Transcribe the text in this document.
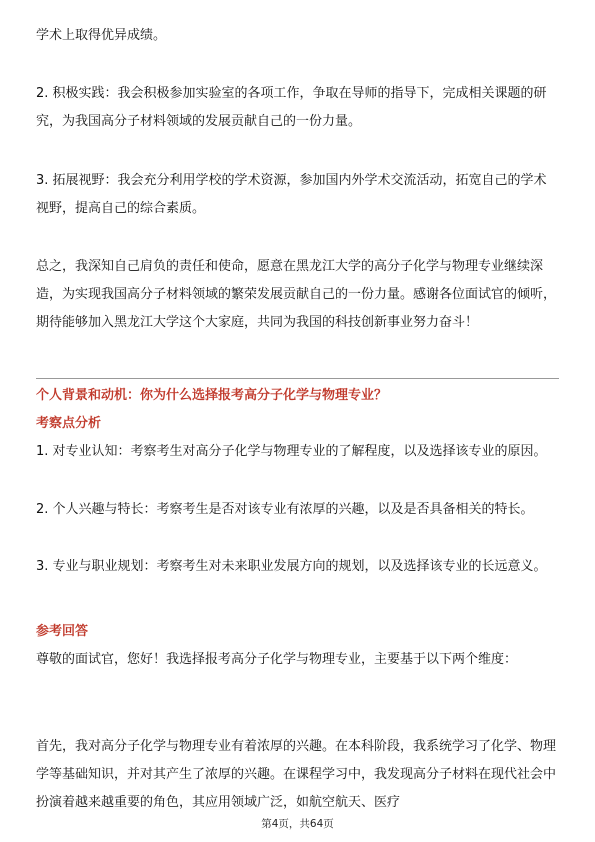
学术上取得优异成绩。

2. 积极实践：我会积极参加实验室的各项工作，争取在导师的指导下，完成相关课题的研究，为我国高分子材料领域的发展贡献自己的一份力量。

3. 拓展视野：我会充分利用学校的学术资源，参加国内外学术交流活动，拓宽自己的学术视野，提高自己的综合素质。

总之，我深知自己肩负的责任和使命，愿意在黑龙江大学的高分子化学与物理专业继续深造，为实现我国高分子材料领域的繁荣发展贡献自己的一份力量。感谢各位面试官的倾听，期待能够加入黑龙江大学这个大家庭，共同为我国的科技创新事业努力奋斗！

个人背景和动机：你为什么选择报考高分子化学与物理专业？

考察点分析

1. 对专业认知：考察考生对高分子化学与物理专业的了解程度，以及选择该专业的原因。

2. 个人兴趣与特长：考察考生是否对该专业有浓厚的兴趣，以及是否具备相关的特长。

3. 专业与职业规划：考察考生对未来职业发展方向的规划，以及选择该专业的长远意义。

参考回答

尊敬的面试官，您好！我选择报考高分子化学与物理专业，主要基于以下两个维度：

首先，我对高分子化学与物理专业有着浓厚的兴趣。在本科阶段，我系统学习了化学、物理学等基础知识，并对其产生了浓厚的兴趣。在课程学习中，我发现高分子材料在现代社会中扮演着越来越重要的角色，其应用领域广泛，如航空航天、医疗

第4页，共64页
